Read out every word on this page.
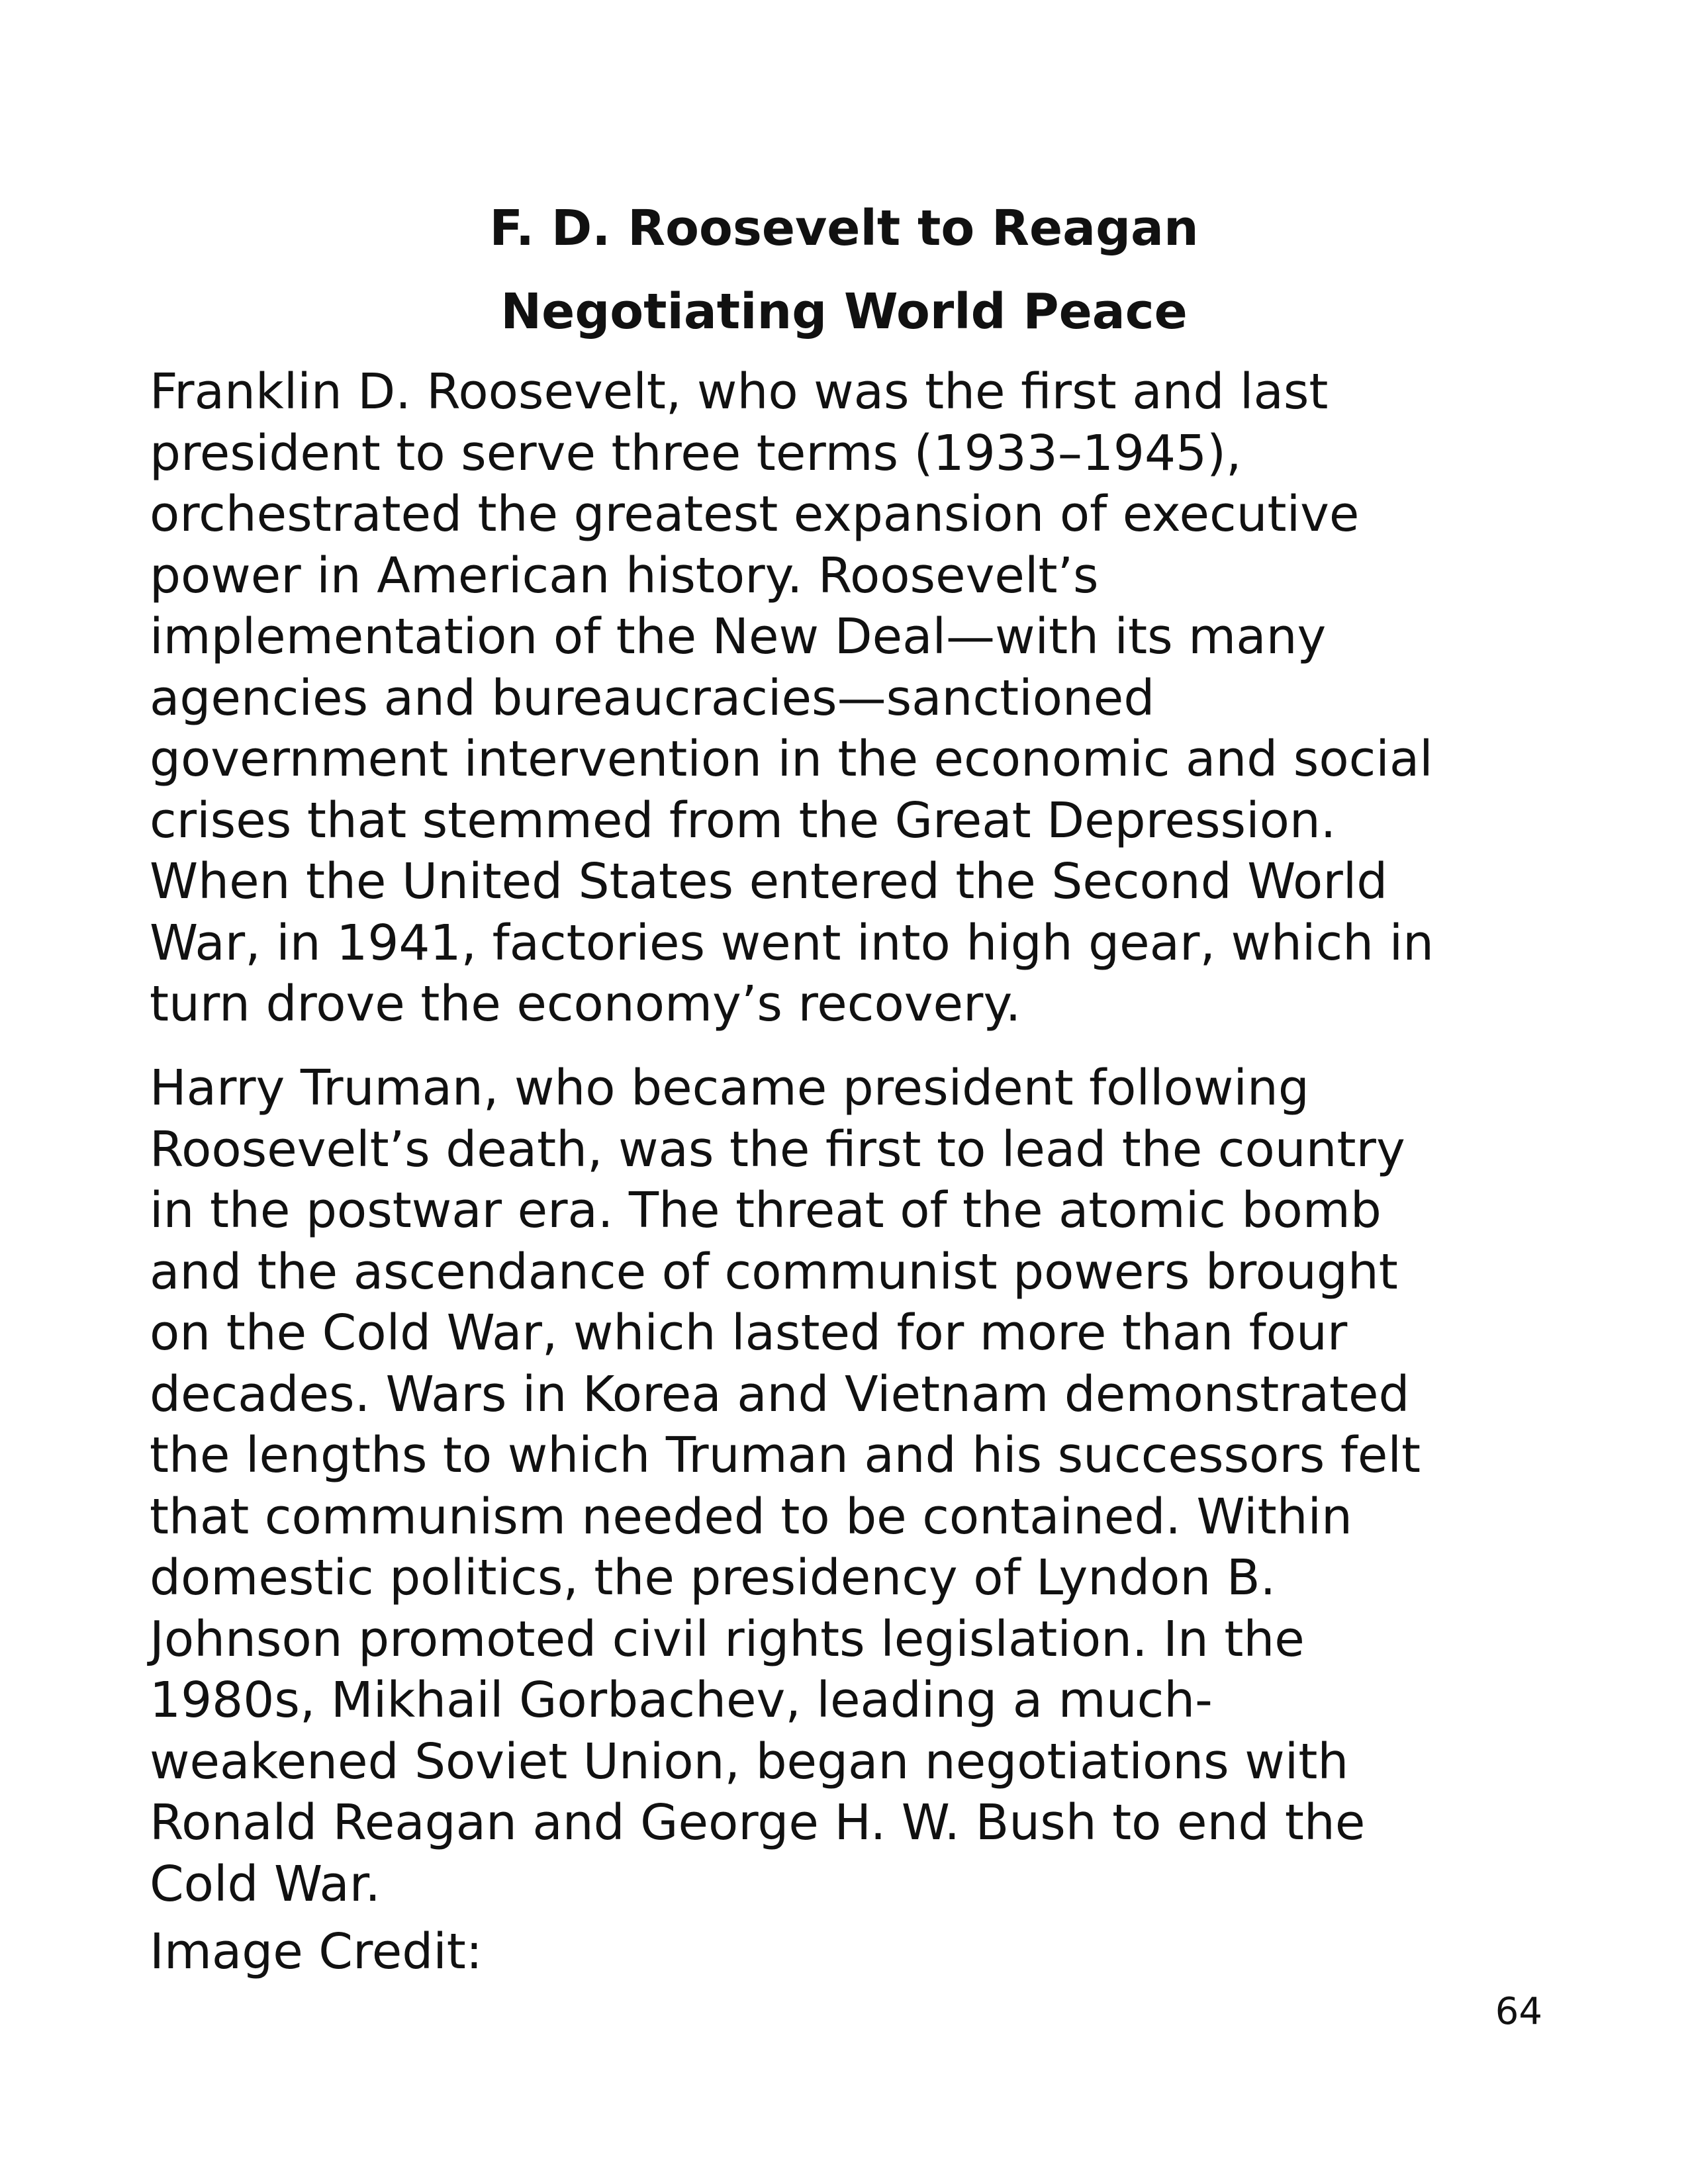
F. D. Roosevelt to Reagan
Negotiating World Peace
Franklin D. Roosevelt, who was the first and last
president to serve three terms (1933–1945),
orchestrated the greatest expansion of executive
power in American history. Roosevelt’s
implementation of the New Deal—with its many
agencies and bureaucracies—sanctioned
government intervention in the economic and social
crises that stemmed from the Great Depression.
When the United States entered the Second World
War, in 1941, factories went into high gear, which in
turn drove the economy’s recovery.
Harry Truman, who became president following
Roosevelt’s death, was the first to lead the country
in the postwar era. The threat of the atomic bomb
and the ascendance of communist powers brought
on the Cold War, which lasted for more than four
decades. Wars in Korea and Vietnam demonstrated
the lengths to which Truman and his successors felt
that communism needed to be contained. Within
domestic politics, the presidency of Lyndon B.
Johnson promoted civil rights legislation. In the
1980s, Mikhail Gorbachev, leading a much-
weakened Soviet Union, began negotiations with
Ronald Reagan and George H. W. Bush to end the
Cold War.
Image Credit:
64
